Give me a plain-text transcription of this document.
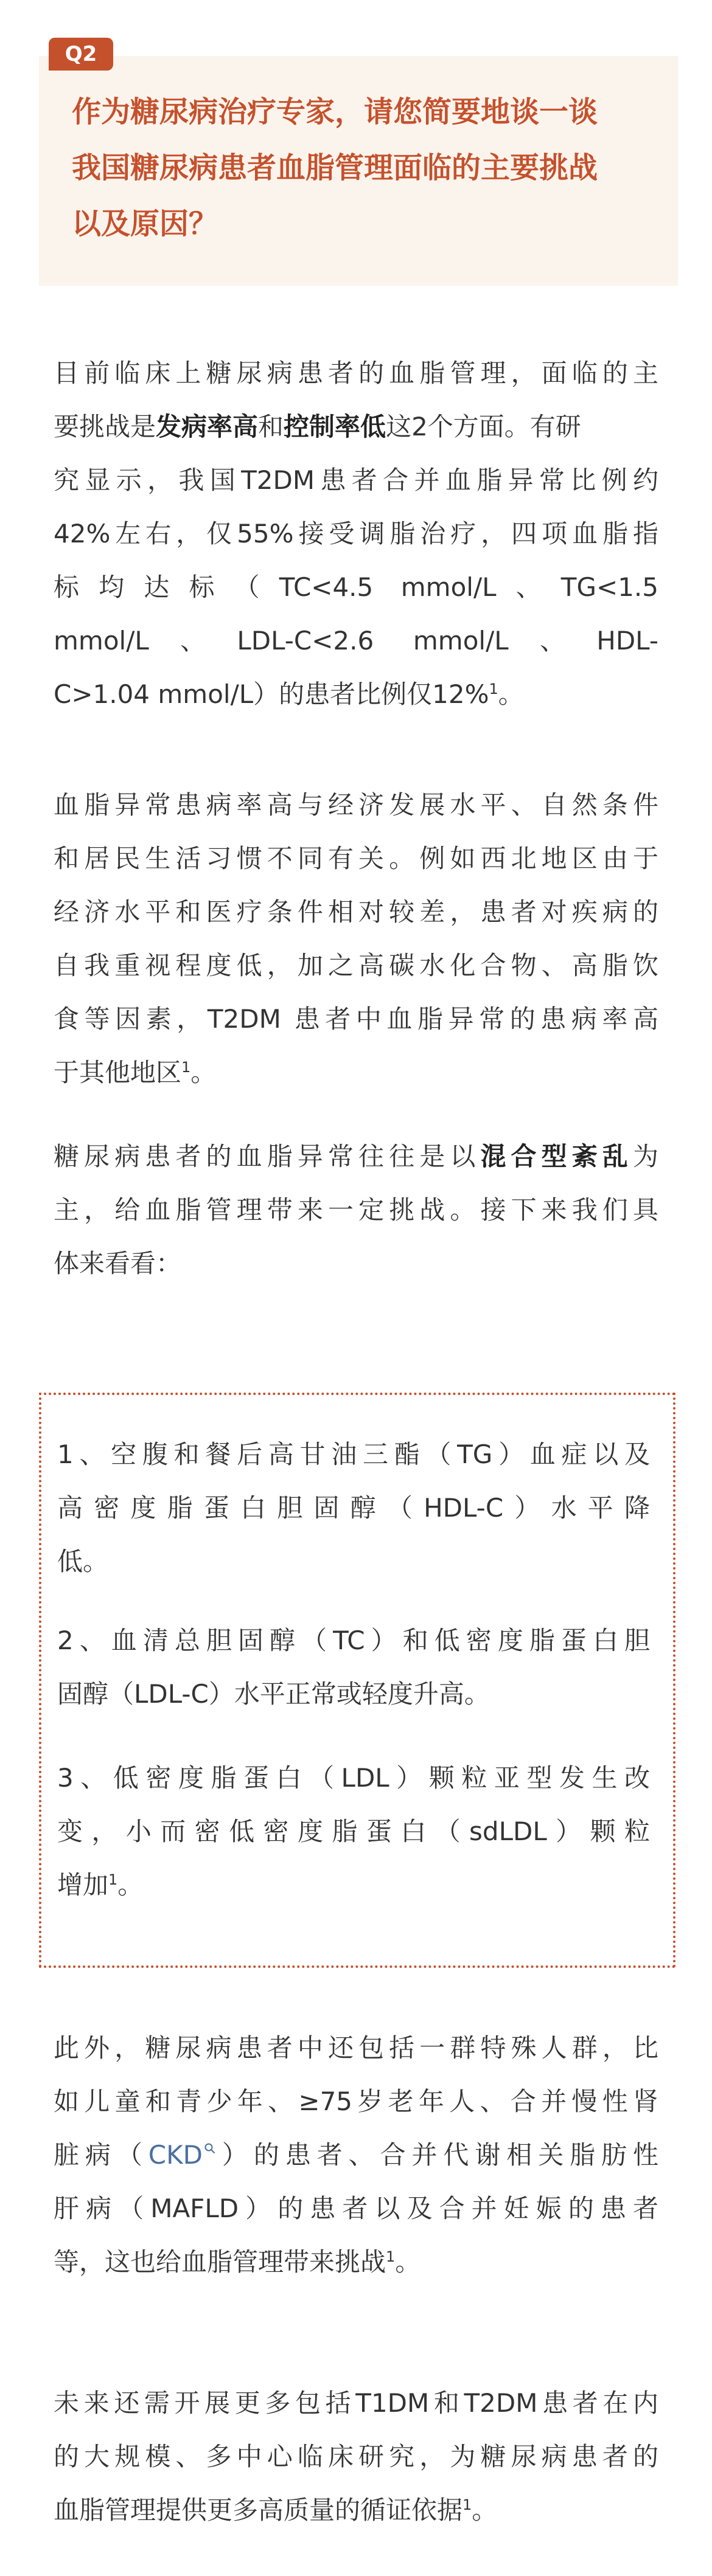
Q2

作为糖尿病治疗专家，请您简要地谈一谈
我国糖尿病患者血脂管理面临的主要挑战
以及原因？

目前临床上糖尿病患者的血脂管理，面临的主
要挑战是发病率高和控制率低这2个方面。有研
究显示，我国T2DM患者合并血脂异常比例约
42%左右，仅55%接受调脂治疗，四项血脂指
标均达标（TC<4.5 mmol/L、TG<1.5
mmol/L、LDL-C<2.6 mmol/L、HDL-
C>1.04 mmol/L）的患者比例仅12%$^1$。

血脂异常患病率高与经济发展水平、自然条件
和居民生活习惯不同有关。例如西北地区由于
经济水平和医疗条件相对较差，患者对疾病的
自我重视程度低，加之高碳水化合物、高脂饮
食等因素，T2DM 患者中血脂异常的患病率高
于其他地区$^1$。

糖尿病患者的血脂异常往往是以混合型紊乱为
主，给血脂管理带来一定挑战。接下来我们具
体来看看：

1、空腹和餐后高甘油三酯（TG）血症以及
高密度脂蛋白胆固醇（HDL-C）水平降
低。

2、血清总胆固醇（TC）和低密度脂蛋白胆
固醇（LDL-C）水平正常或轻度升高。

3、低密度脂蛋白（LDL）颗粒亚型发生改
变，小而密低密度脂蛋白（sdLDL）颗粒
增加$^1$。

此外，糖尿病患者中还包括一群特殊人群，比
如儿童和青少年、≥75岁老年人、合并慢性肾
脏病（CKD ）的患者、合并代谢相关脂肪性
肝病（MAFLD）的患者以及合并妊娠的患者
等，这也给血脂管理带来挑战$^1$。

未来还需开展更多包括T1DM和T2DM患者在内
的大规模、多中心临床研究，为糖尿病患者的
血脂管理提供更多高质量的循证依据$^1$。
